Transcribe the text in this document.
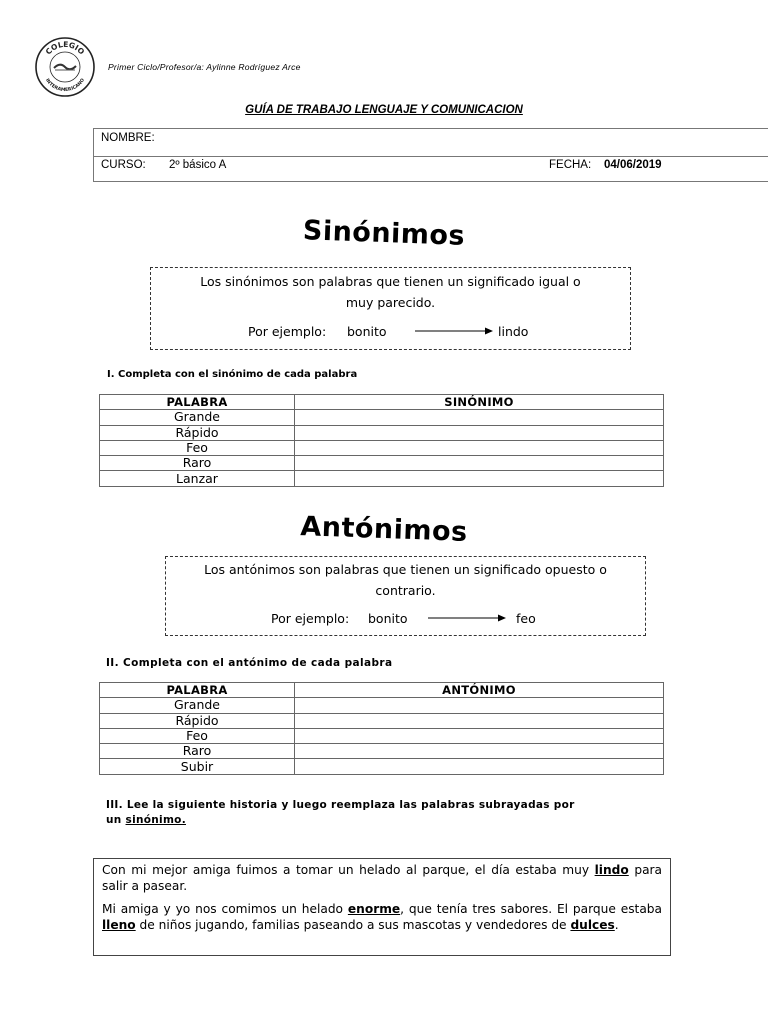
COLEGIO
INTERAMERICANO
Primer Ciclo/Profesor/a: Aylinne Rodríguez Arce
GUÍA DE TRABAJO LENGUAJE Y COMUNICACION
NOMBRE:
CURSO: 2º básico A	FECHA: 04/06/2019
Sinónimos
Los sinónimos son palabras que tienen un significado igual o
muy parecido.
Por ejemplo: bonito	lindo
I. Completa con el sinónimo de cada palabra
PALABRA	SINÓNIMO
Grande	
Rápido	
Feo	
Raro	
Lanzar	
Antónimos
Los antónimos son palabras que tienen un significado opuesto o
contrario.
Por ejemplo: bonito	feo
II. Completa con el antónimo de cada palabra
PALABRA	ANTÓNIMO
Grande	
Rápido	
Feo	
Raro	
Subir	
III. Lee la siguiente historia y luego reemplaza las palabras subrayadas por
un sinónimo.

Con mi mejor amiga fuimos a tomar un helado al parque, el día estaba muy lindo para salir a pasear.

Mi amiga y yo nos comimos un helado enorme, que tenía tres sabores. El parque estaba lleno de niños jugando, familias paseando a sus mascotas y vendedores de dulces.
